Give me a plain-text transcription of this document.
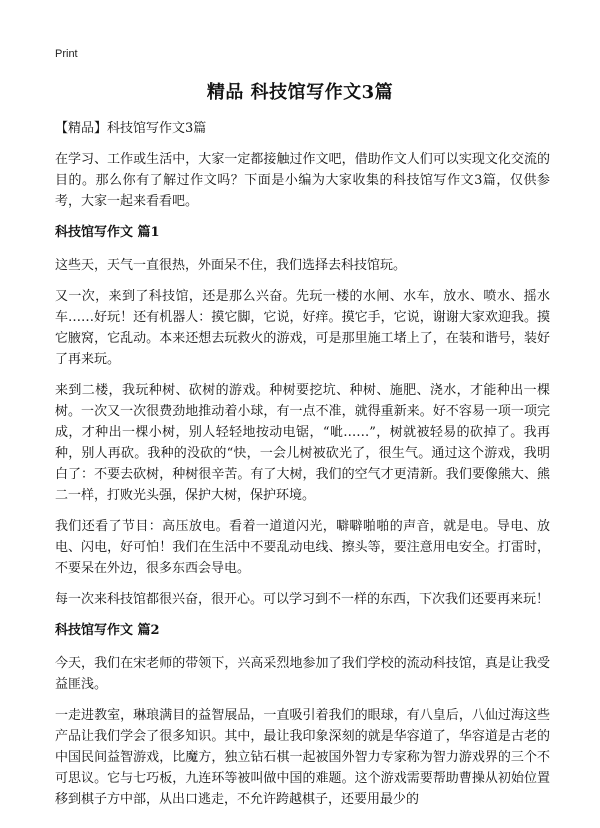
Print
精品 科技馆写作文3篇
【精品】科技馆写作文3篇

在学习、工作或生活中，大家一定都接触过作文吧，借助作文人们可以实现文化交流的目的。那么你有了解过作文吗？下面是小编为大家收集的科技馆写作文3篇，仅供参考，大家一起来看看吧。

科技馆写作文 篇1

这些天，天气一直很热，外面呆不住，我们选择去科技馆玩。

又一次，来到了科技馆，还是那么兴奋。先玩一楼的水闸、水车，放水、喷水、摇水车……好玩！还有机器人：摸它脚，它说，好痒。摸它手，它说，谢谢大家欢迎我。摸它腋窝，它乱动。本来还想去玩救火的游戏，可是那里施工堵上了，在装和谐号，装好了再来玩。

来到二楼，我玩种树、砍树的游戏。种树要挖坑、种树、施肥、浇水，才能种出一棵树。一次又一次很费劲地推动着小球，有一点不准，就得重新来。好不容易一项一项完成，才种出一棵小树，别人轻轻地按动电锯，“呲……”，树就被轻易的砍掉了。我再种，别人再砍。我种的没砍的“快，一会儿树被砍光了，很生气。通过这个游戏，我明白了：不要去砍树，种树很辛苦。有了大树，我们的空气才更清新。我们要像熊大、熊二一样，打败光头强，保护大树，保护环境。

我们还看了节目：高压放电。看着一道道闪光，噼噼啪啪的声音，就是电。导电、放电、闪电，好可怕！我们在生活中不要乱动电线、擦头等，要注意用电安全。打雷时，不要呆在外边，很多东西会导电。

每一次来科技馆都很兴奋，很开心。可以学习到不一样的东西，下次我们还要再来玩！

科技馆写作文 篇2

今天，我们在宋老师的带领下，兴高采烈地参加了我们学校的流动科技馆，真是让我受益匪浅。

一走进教室，琳琅满目的益智展品，一直吸引着我们的眼球，有八皇后，八仙过海这些产品让我们学会了很多知识。其中，最让我印象深刻的就是华容道了，华容道是古老的中国民间益智游戏，比魔方，独立钻石棋一起被国外智力专家称为智力游戏界的三个不可思议。它与七巧板，九连环等被叫做中国的难题。这个游戏需要帮助曹操从初始位置移到棋子方中部，从出口逃走，不允许跨越棋子，还要用最少的
